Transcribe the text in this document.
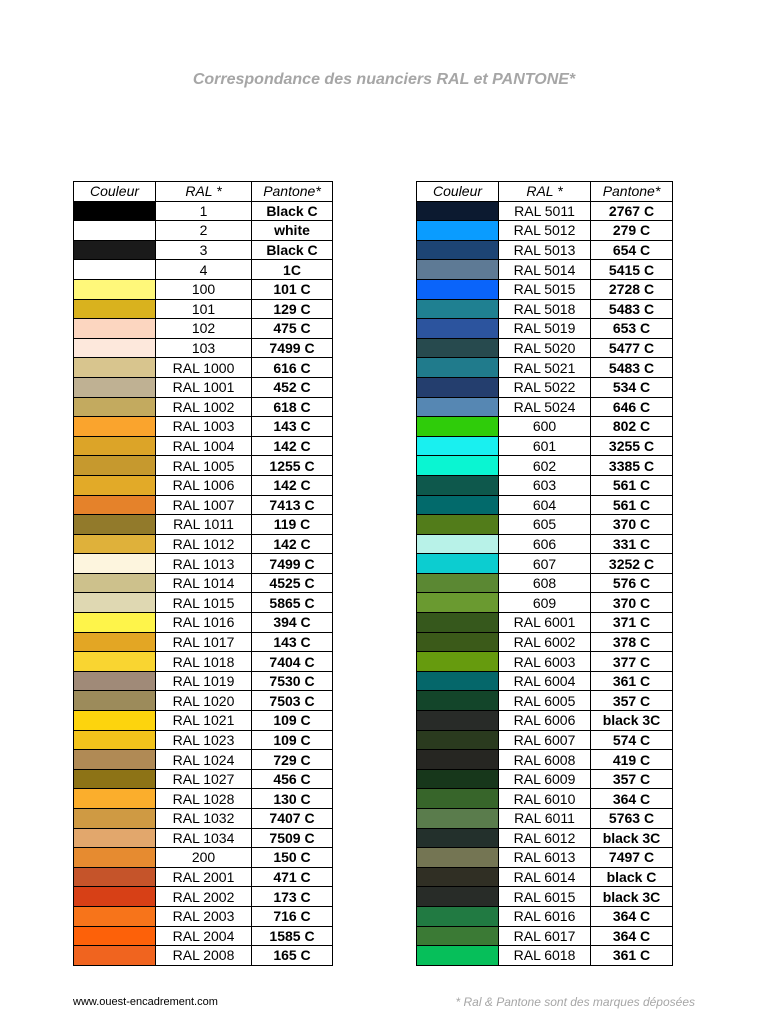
Correspondance des nuanciers RAL et PANTONE*
Couleur	RAL *	Pantone*
	1	Black C
	2	white
	3	Black C
	4	1C
	100	101 C
	101	129 C
	102	475 C
	103	7499 C
	RAL 1000	616 C
	RAL 1001	452 C
	RAL 1002	618 C
	RAL 1003	143 C
	RAL 1004	142 C
	RAL 1005	1255 C
	RAL 1006	142 C
	RAL 1007	7413 C
	RAL 1011	119 C
	RAL 1012	142 C
	RAL 1013	7499 C
	RAL 1014	4525 C
	RAL 1015	5865 C
	RAL 1016	394 C
	RAL 1017	143 C
	RAL 1018	7404 C
	RAL 1019	7530 C
	RAL 1020	7503 C
	RAL 1021	109 C
	RAL 1023	109 C
	RAL 1024	729 C
	RAL 1027	456 C
	RAL 1028	130 C
	RAL 1032	7407 C
	RAL 1034	7509 C
	200	150 C
	RAL 2001	471 C
	RAL 2002	173 C
	RAL 2003	716 C
	RAL 2004	1585 C
	RAL 2008	165 C
Couleur	RAL *	Pantone*
	RAL 5011	2767 C
	RAL 5012	279 C
	RAL 5013	654 C
	RAL 5014	5415 C
	RAL 5015	2728 C
	RAL 5018	5483 C
	RAL 5019	653 C
	RAL 5020	5477 C
	RAL 5021	5483 C
	RAL 5022	534 C
	RAL 5024	646 C
	600	802 C
	601	3255 C
	602	3385 C
	603	561 C
	604	561 C
	605	370 C
	606	331 C
	607	3252 C
	608	576 C
	609	370 C
	RAL 6001	371 C
	RAL 6002	378 C
	RAL 6003	377 C
	RAL 6004	361 C
	RAL 6005	357 C
	RAL 6006	black 3C
	RAL 6007	574 C
	RAL 6008	419 C
	RAL 6009	357 C
	RAL 6010	364 C
	RAL 6011	5763 C
	RAL 6012	black 3C
	RAL 6013	7497 C
	RAL 6014	black C
	RAL 6015	black 3C
	RAL 6016	364 C
	RAL 6017	364 C
	RAL 6018	361 C
www.ouest-encadrement.com	* Ral & Pantone sont des marques déposées
